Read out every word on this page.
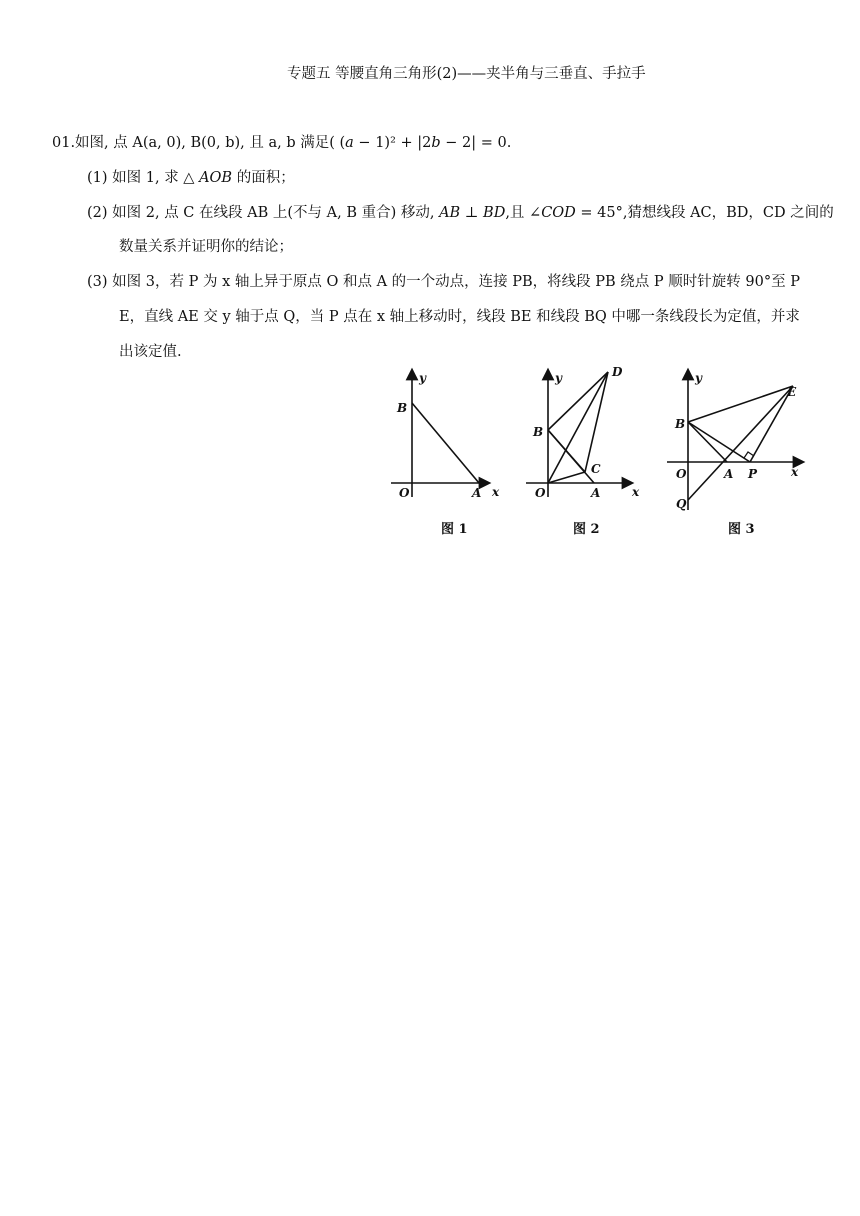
专题五 等腰直角三角形(2)——夹半角与三垂直、手拉手
01.如图, 点 A(a, 0), B(0, b), 且 a, b 满足( (𝑎 − 1)² + |2𝑏 − 2| = 0.
(1) 如图 1, 求 △ 𝐴𝑂𝐵 的面积；
(2) 如图 2, 点 C 在线段 AB 上(不与 A, B 重合) 移动, 𝐴𝐵 ⊥ 𝐵𝐷,且 ∠𝐶𝑂𝐷 = 45°,猜想线段 AC，BD，CD 之间的
数量关系并证明你的结论；
(3) 如图 3，若 P 为 x 轴上异于原点 O 和点 A 的一个动点，连接 PB，将线段 PB 绕点 P 顺时针旋转 90°至 P
E，直线 AE 交 y 轴于点 Q，当 P 点在 x 轴上移动时，线段 BE 和线段 BQ 中哪一条线段长为定值，并求
出该定值.
y
B
O	A x
y
B
O	A
C
D
x
y
B
O	A P
E
Q
x
图 1	图 2	图 3
